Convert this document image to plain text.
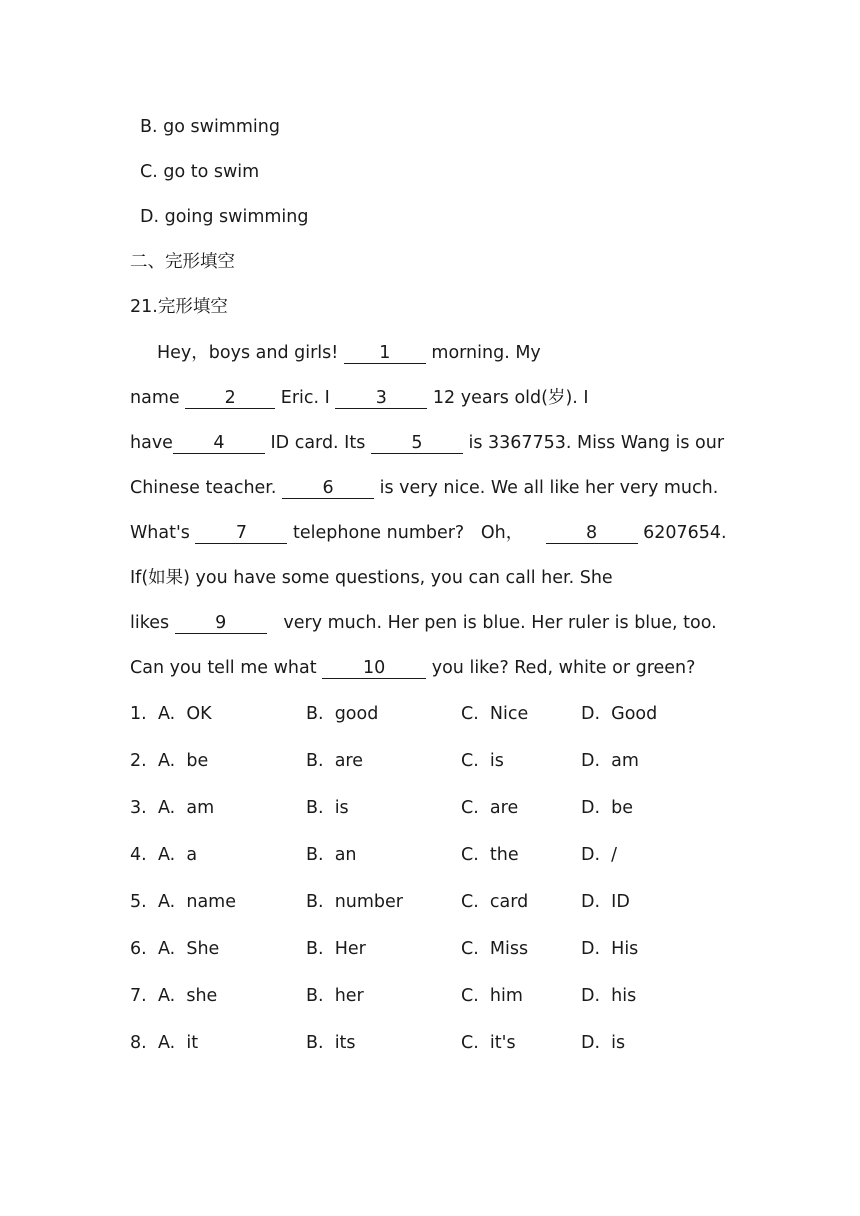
B. go swimming
C. go to swim
D. going swimming
二、完形填空
21.完形填空
Hey，boys and girls! 1 morning. My
name 2 Eric. I 3 12 years old(岁). I
have 4 ID card. Its 5 is 3367753. Miss Wang is our
Chinese teacher. 6 is very nice. We all like her very much.
What's 7 telephone number?   Oh，    8 6207654.
If(如果) you have some questions, you can call her. She
likes 9   very much. Her pen is blue. Her ruler is blue, too.
Can you tell me what 10 you like? Red, white or green?
1. A.  OK	B.  good	C.  Nice	D.  Good
2. A.  be	B.  are	C.  is	D.  am
3. A.  am	B.  is	C.  are	D.  be
4. A.  a	B.  an	C.  the	D.  /
5. A.  name	B.  number	C.  card	D.  ID
6. A.  She	B.  Her	C.  Miss	D.  His
7. A.  she	B.  her	C.  him	D.  his
8. A.  it	B.  its	C.  it's	D.  is
